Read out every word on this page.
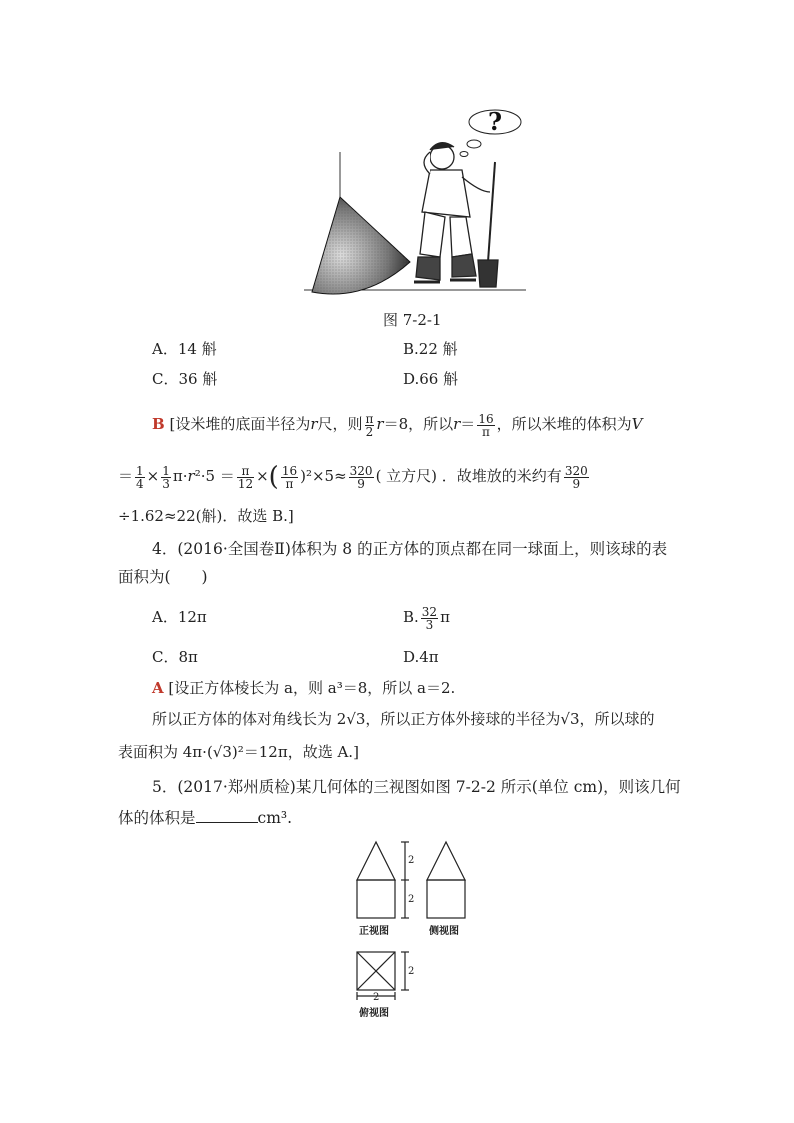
?
图 7-2-1
A．14 斛	B.22 斛
C．36 斛	D.66 斛
B [设米堆的底面半径为r尺，则 $\frac{\pi}{2} r=8$，所以$r= \frac{16}{\pi}$ ，所以米堆的体积为V
＝ $\frac{1}{4} \times \frac{1}{3} \pi\cdot r^2\cdot 5 = \frac{\pi}{12}$ ×( $\frac{16}{\pi} )^2\times 5\approx \frac{320}{9}$ ( 立方尺) ．故堆放的米约有 $\frac{320}{9}$
÷1.62≈22(斛)．故选 B.]
4．(2016·全国卷Ⅱ)体积为 8 的正方体的顶点都在同一球面上，则该球的表
面积为(　　)
A．12π	B. $\frac{32}{3}$ π
C．8π	D.4π
A [设正方体棱长为 a，则 a³＝8，所以 a＝2.
所以正方体的体对角线长为 2√3，所以正方体外接球的半径为√3，所以球的
表面积为 4π·(√3)²＝12π，故选 A.]
5．(2017·郑州质检)某几何体的三视图如图 7-2-2 所示(单位 cm)，则该几何
体的体积是	cm³.
2
2
2
2
正视图	侧视图
俯视图
